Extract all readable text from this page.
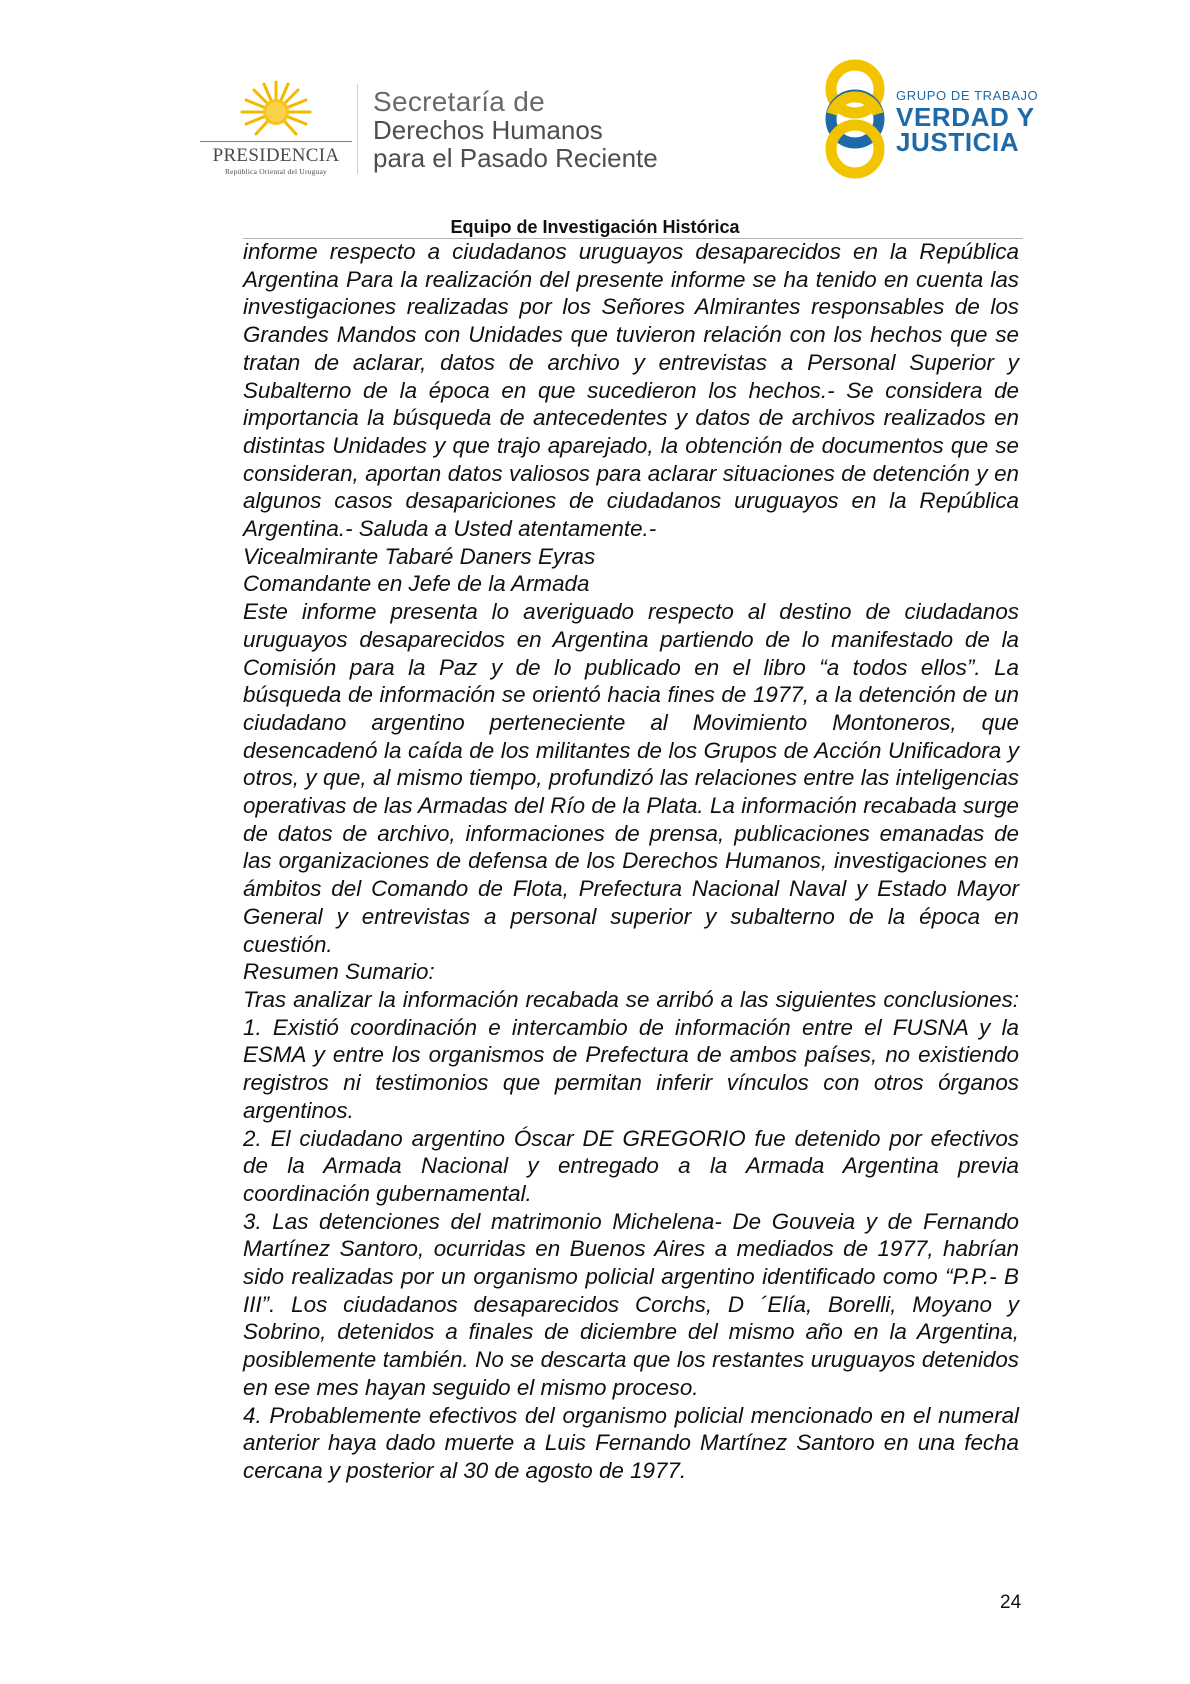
PRESIDENCIA
República Oriental del Uruguay
Secretaría de
Derechos Humanos
para el Pasado Reciente
GRUPO DE TRABAJO
VERDAD Y
JUSTICIA
Equipo de Investigación Histórica

informe respecto a ciudadanos uruguayos desaparecidos en la República Argentina Para la realización del presente informe se ha tenido en cuenta las investigaciones realizadas por los Señores Almirantes responsables de los Grandes Mandos con Unidades que tuvieron relación con los hechos que se tratan de aclarar, datos de archivo y entrevistas a Personal Superior y Subalterno de la época en que sucedieron los hechos.- Se considera de importancia la búsqueda de antecedentes y datos de archivos realizados en distintas Unidades y que trajo aparejado, la obtención de documentos que se consideran, aportan datos valiosos para aclarar situaciones de detención y en algunos casos desapariciones de ciudadanos uruguayos en la República Argentina.- Saluda a Usted atentamente.-

Vicealmirante Tabaré Daners Eyras

Comandante en Jefe de la Armada

Este informe presenta lo averiguado respecto al destino de ciudadanos uruguayos desaparecidos en Argentina partiendo de lo manifestado de la Comisión para la Paz y de lo publicado en el libro “a todos ellos”. La búsqueda de información se orientó hacia fines de 1977, a la detención de un ciudadano argentino perteneciente al Movimiento Montoneros, que desencadenó la caída de los militantes de los Grupos de Acción Unificadora y otros, y que, al mismo tiempo, profundizó las relaciones entre las inteligencias operativas de las Armadas del Río de la Plata. La información recabada surge de datos de archivo, informaciones de prensa, publicaciones emanadas de las organizaciones de defensa de los Derechos Humanos, investigaciones en ámbitos del Comando de Flota, Prefectura Nacional Naval y Estado Mayor General y entrevistas a personal superior y subalterno de la época en cuestión.

Resumen Sumario:

Tras analizar la información recabada se arribó a las siguientes conclusiones: 1. Existió coordinación e intercambio de información entre el FUSNA y la ESMA y entre los organismos de Prefectura de ambos países, no existiendo registros ni testimonios que permitan inferir vínculos con otros órganos argentinos.

2. El ciudadano argentino Óscar DE GREGORIO fue detenido por efectivos de la Armada Nacional y entregado a la Armada Argentina previa coordinación gubernamental.

3. Las detenciones del matrimonio Michelena- De Gouveia y de Fernando Martínez Santoro, ocurridas en Buenos Aires a mediados de 1977, habrían sido realizadas por un organismo policial argentino identificado como “P.P.- B III”. Los ciudadanos desaparecidos Corchs, D ´Elía, Borelli, Moyano y Sobrino, detenidos a finales de diciembre del mismo año en la Argentina, posiblemente también. No se descarta que los restantes uruguayos detenidos en ese mes hayan seguido el mismo proceso.

4. Probablemente efectivos del organismo policial mencionado en el numeral anterior haya dado muerte a Luis Fernando Martínez Santoro en una fecha cercana y posterior al 30 de agosto de 1977.

24
